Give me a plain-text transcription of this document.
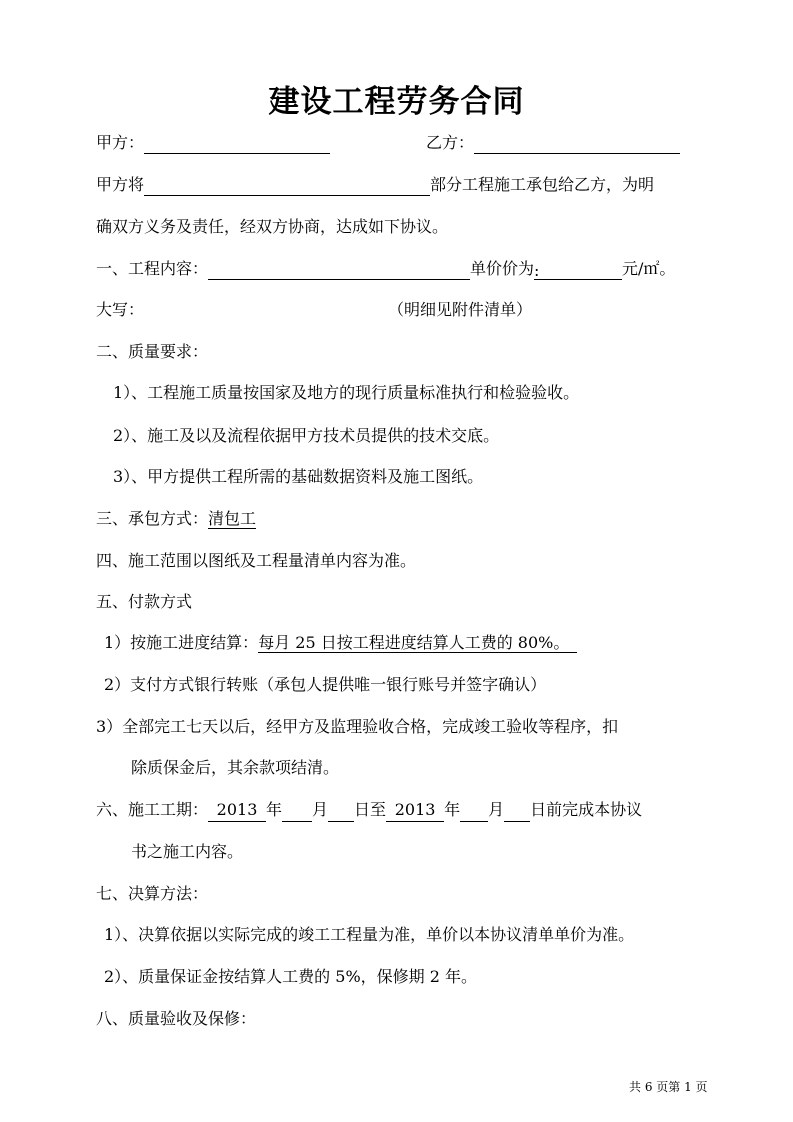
建设工程劳务合同
甲方：	乙方：
甲方将	部分工程施工承包给乙方，为明
确双方义务及责任，经双方协商，达成如下协议。
一、工程内容：	单价价为:	元/㎡。
大写：	（明细见附件清单）
二、质量要求：
1）、工程施工质量按国家及地方的现行质量标准执行和检验验收。
2）、施工及以及流程依据甲方技术员提供的技术交底。
3）、甲方提供工程所需的基础数据资料及施工图纸。
三、承包方式：清包工
四、施工范围以图纸及工程量清单内容为准。
五、付款方式
1）按施工进度结算：每月 25 日按工程进度结算人工费的 80%。
2）支付方式银行转账（承包人提供唯一银行账号并签字确认）
3）全部完工七天以后，经甲方及监理验收合格，完成竣工验收等程序，扣
除质保金后，其余款项结清。
六、施工工期： 2013 年 月 日至 2013 年 月 日前完成本协议
书之施工内容。
七、决算方法：
1）、决算依据以实际完成的竣工工程量为准，单价以本协议清单单价为准。
2）、质量保证金按结算人工费的 5%，保修期 2 年。
八、质量验收及保修：
共 6 页第 1 页
